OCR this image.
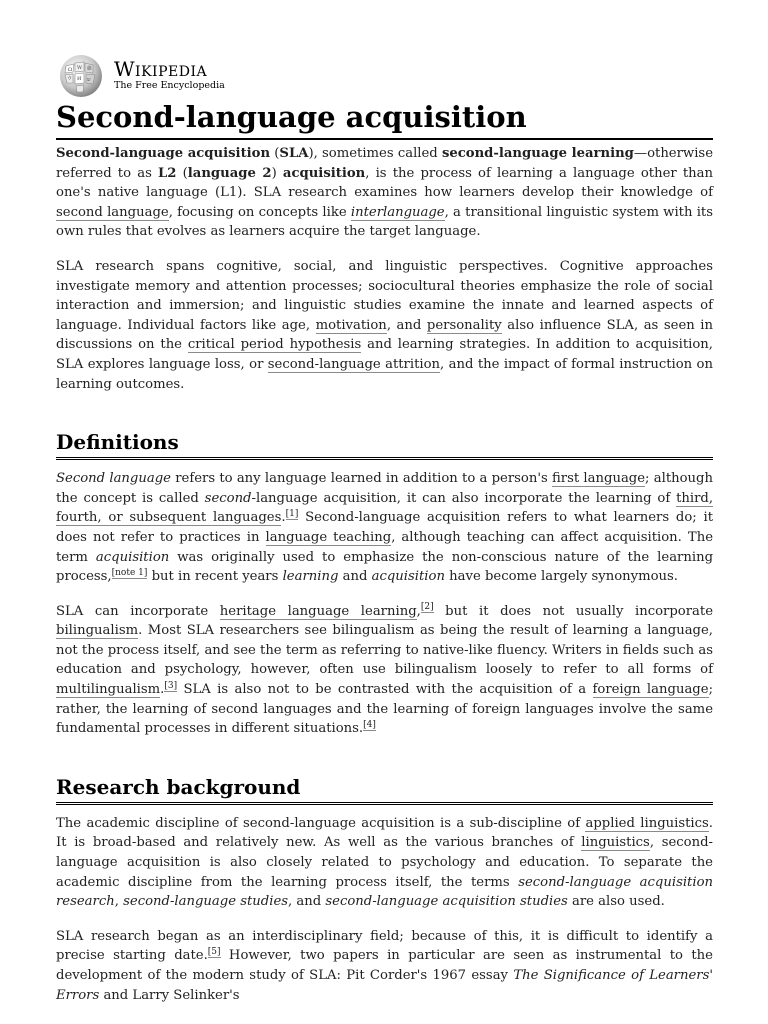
Ω W 維
И
ウ	ש Wikipedia
The Free Encyclopedia
Second-language acquisition

Second-language acquisition (SLA), sometimes called second-language learning—otherwise referred to as L2 (language 2) acquisition, is the process of learning a language other than one's native language (L1). SLA research examines how learners develop their knowledge of second language, focusing on concepts like interlanguage, a transitional linguistic system with its own rules that evolves as learners acquire the target language.

SLA research spans cognitive, social, and linguistic perspectives. Cognitive approaches investigate memory and attention processes; sociocultural theories emphasize the role of social interaction and immersion; and linguistic studies examine the innate and learned aspects of language. Individual factors like age, motivation, and personality also influence SLA, as seen in discussions on the critical period hypothesis and learning strategies. In addition to acquisition, SLA explores language loss, or second-language attrition, and the impact of formal instruction on learning outcomes.

Definitions

Second language refers to any language learned in addition to a person's first language; although the concept is called second-language acquisition, it can also incorporate the learning of third, fourth, or subsequent languages.[1] Second-language acquisition refers to what learners do; it does not refer to practices in language teaching, although teaching can affect acquisition. The term acquisition was originally used to emphasize the non-conscious nature of the learning process,[note 1] but in recent years learning and acquisition have become largely synonymous.

SLA can incorporate heritage language learning,[2] but it does not usually incorporate bilingualism. Most SLA researchers see bilingualism as being the result of learning a language, not the process itself, and see the term as referring to native-like fluency. Writers in fields such as education and psychology, however, often use bilingualism loosely to refer to all forms of multilingualism.[3] SLA is also not to be contrasted with the acquisition of a foreign language; rather, the learning of second languages and the learning of foreign languages involve the same fundamental processes in different situations.[4]

Research background

The academic discipline of second-language acquisition is a sub-discipline of applied linguistics. It is broad-based and relatively new. As well as the various branches of linguistics, second-language acquisition is also closely related to psychology and education. To separate the academic discipline from the learning process itself, the terms second-language acquisition research, second-language studies, and second-language acquisition studies are also used.

SLA research began as an interdisciplinary field; because of this, it is difficult to identify a precise starting date.[5] However, two papers in particular are seen as instrumental to the development of the modern study of SLA: Pit Corder's 1967 essay The Significance of Learners' Errors and Larry Selinker's
